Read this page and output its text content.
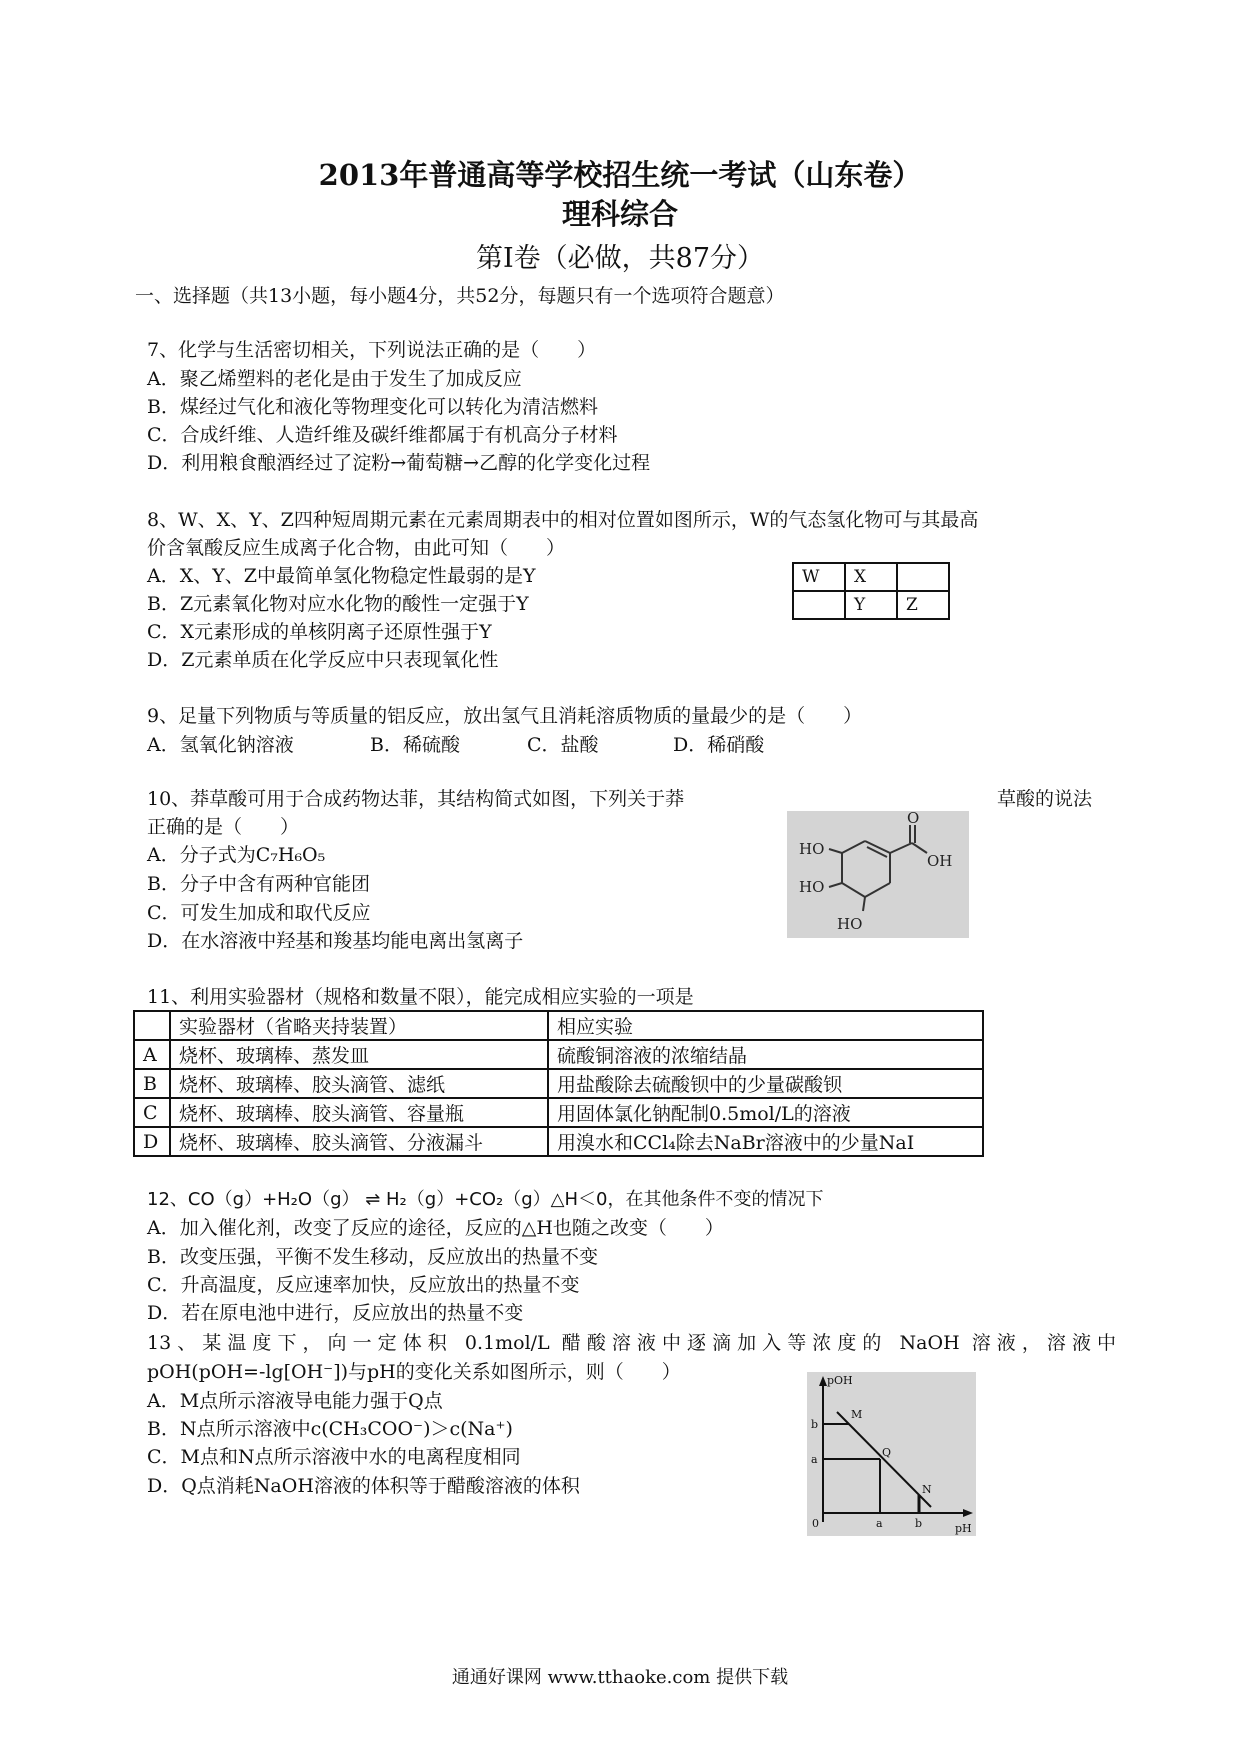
2013年普通高等学校招生统一考试（山东卷）
理科综合
第I卷（必做，共87分）
一、选择题（共13小题，每小题4分，共52分，每题只有一个选项符合题意）
7、化学与生活密切相关，下列说法正确的是（　　）
A．聚乙烯塑料的老化是由于发生了加成反应
B．煤经过气化和液化等物理变化可以转化为清洁燃料
C．合成纤维、人造纤维及碳纤维都属于有机高分子材料
D．利用粮食酿酒经过了淀粉→葡萄糖→乙醇的化学变化过程
8、W、X、Y、Z四种短周期元素在元素周期表中的相对位置如图所示，W的气态氢化物可与其最高
价含氧酸反应生成离子化合物，由此可知（　　）
A．X、Y、Z中最简单氢化物稳定性最弱的是Y
B．Z元素氧化物对应水化物的酸性一定强于Y
C．X元素形成的单核阴离子还原性强于Y
D．Z元素单质在化学反应中只表现氧化性
W	X	
	Y	Z
9、足量下列物质与等质量的铝反应，放出氢气且消耗溶质物质的量最少的是（　　）
A．氢氧化钠溶液	B．稀硫酸	C．盐酸	D．稀硝酸
10、莽草酸可用于合成药物达菲，其结构简式如图，下列关于莽	草酸的说法
正确的是（　　）
A．分子式为C₇H₆O₅
B．分子中含有两种官能团
C．可发生加成和取代反应
D．在水溶液中羟基和羧基均能电离出氢离子
HO
HO
HO
O
OH
11、利用实验器材（规格和数量不限），能完成相应实验的一项是
	实验器材（省略夹持装置）	相应实验
A	烧杯、玻璃棒、蒸发皿	硫酸铜溶液的浓缩结晶
B	烧杯、玻璃棒、胶头滴管、滤纸	用盐酸除去硫酸钡中的少量碳酸钡
C	烧杯、玻璃棒、胶头滴管、容量瓶	用固体氯化钠配制0.5mol/L的溶液
D	烧杯、玻璃棒、胶头滴管、分液漏斗	用溴水和CCl₄除去NaBr溶液中的少量NaI
12、CO（g）+H₂O（g） ⇌ H₂（g）+CO₂（g）△H＜0，在其他条件不变的情况下
A．加入催化剂，改变了反应的途径，反应的△H也随之改变（　　）
B．改变压强，平衡不发生移动，反应放出的热量不变
C．升高温度，反应速率加快，反应放出的热量不变
D．若在原电池中进行，反应放出的热量不变
13、某温度下，向一定体积 0.1mol/L 醋酸溶液中逐滴加入等浓度的 NaOH 溶液，溶液中
pOH(pOH=-lg[OH⁻])与pH的变化关系如图所示，则（　　）
A．M点所示溶液导电能力强于Q点
B．N点所示溶液中c(CH₃COO⁻)＞c(Na⁺)
C．M点和N点所示溶液中水的电离程度相同
D．Q点消耗NaOH溶液的体积等于醋酸溶液的体积
pOH
pH
0
b
a
a	b
M
Q
N
通通好课网 www.tthaoke.com 提供下载
